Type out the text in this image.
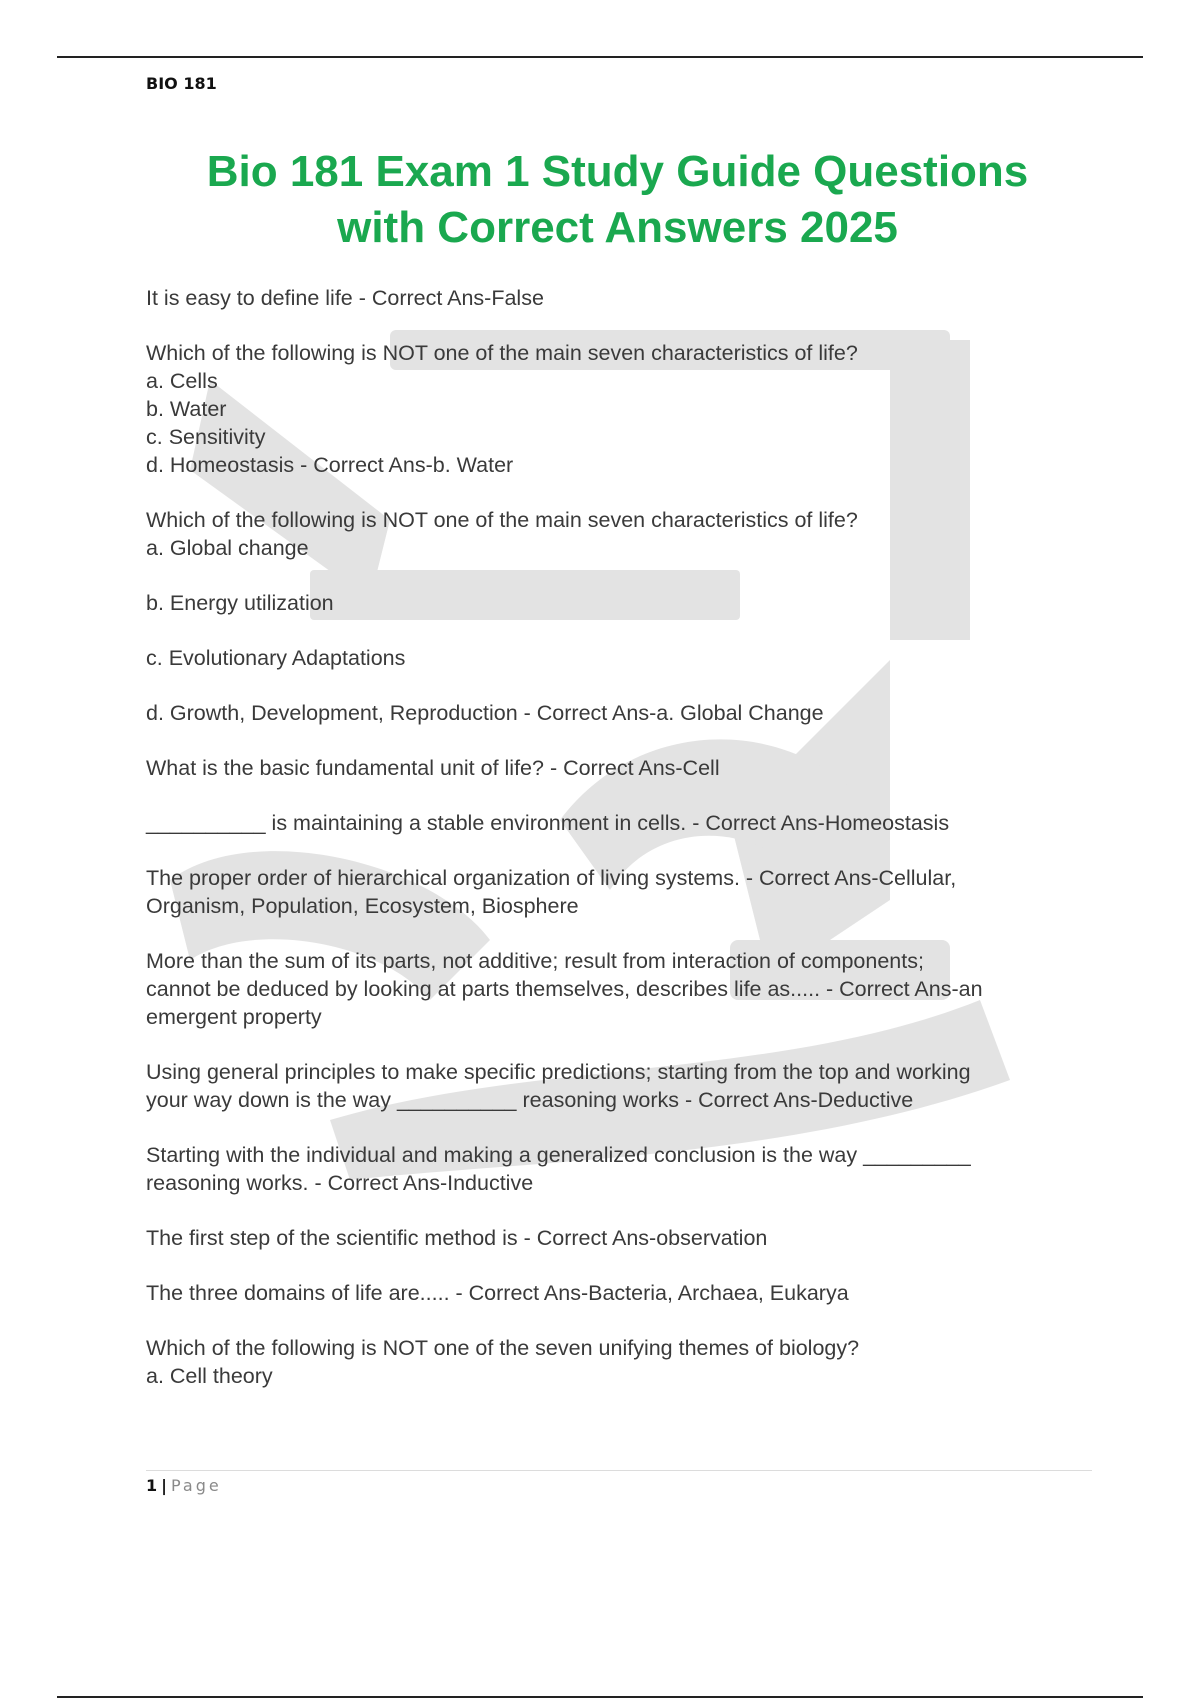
BIO 181

Bio 181 Exam 1 Study Guide Questions
with Correct Answers 2025

It is easy to define life - Correct Ans-False

Which of the following is NOT one of the main seven characteristics of life?

a. Cells

b. Water

c. Sensitivity

d. Homeostasis - Correct Ans-b. Water

Which of the following is NOT one of the main seven characteristics of life?

a. Global change

b. Energy utilization

c. Evolutionary Adaptations

d. Growth, Development, Reproduction - Correct Ans-a. Global Change

What is the basic fundamental unit of life? - Correct Ans-Cell

__________ is maintaining a stable environment in cells. - Correct Ans-Homeostasis

The proper order of hierarchical organization of living systems. - Correct Ans-Cellular,

Organism, Population, Ecosystem, Biosphere

More than the sum of its parts, not additive; result from interaction of components;

cannot be deduced by looking at parts themselves, describes life as..... - Correct Ans-an

emergent property

Using general principles to make specific predictions; starting from the top and working

your way down is the way __________ reasoning works - Correct Ans-Deductive

Starting with the individual and making a generalized conclusion is the way _________

reasoning works. - Correct Ans-Inductive

The first step of the scientific method is - Correct Ans-observation

The three domains of life are..... - Correct Ans-Bacteria, Archaea, Eukarya

Which of the following is NOT one of the seven unifying themes of biology?

a. Cell theory

1 | Page
